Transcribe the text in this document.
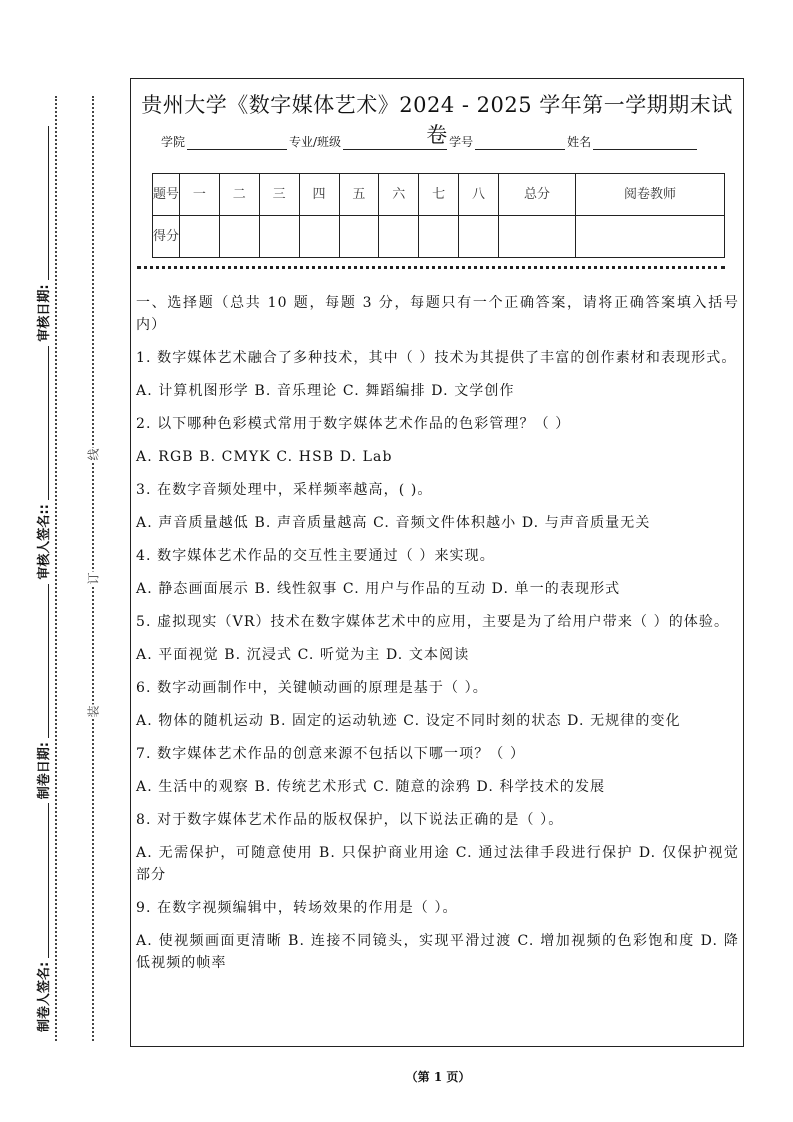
制卷人签名:
制卷日期:
审核人签名::
审核日期:
线
订
装
贵州大学《数字媒体艺术》2024 - 2025 学年第一学期期末试卷
学院	专业/班级	学号	姓名
题号	一	二	三	四	五	六	七	八	总分	阅卷教师
得分										

一、选择题（总共 10 题，每题 3 分，每题只有一个正确答案，请将正确答案填入括号内）

1. 数字媒体艺术融合了多种技术，其中（ ）技术为其提供了丰富的创作素材和表现形式。

A. 计算机图形学 B. 音乐理论 C. 舞蹈编排 D. 文学创作

2. 以下哪种色彩模式常用于数字媒体艺术作品的色彩管理？（ ）

A. RGB B. CMYK C. HSB D. Lab

3. 在数字音频处理中，采样频率越高，( )。

A. 声音质量越低 B. 声音质量越高 C. 音频文件体积越小 D. 与声音质量无关

4. 数字媒体艺术作品的交互性主要通过（ ）来实现。

A. 静态画面展示 B. 线性叙事 C. 用户与作品的互动 D. 单一的表现形式

5. 虚拟现实（VR）技术在数字媒体艺术中的应用，主要是为了给用户带来（ ）的体验。

A. 平面视觉 B. 沉浸式 C. 听觉为主 D. 文本阅读

6. 数字动画制作中，关键帧动画的原理是基于（ ）。

A. 物体的随机运动 B. 固定的运动轨迹 C. 设定不同时刻的状态 D. 无规律的变化

7. 数字媒体艺术作品的创意来源不包括以下哪一项？（ ）

A. 生活中的观察 B. 传统艺术形式 C. 随意的涂鸦 D. 科学技术的发展

8. 对于数字媒体艺术作品的版权保护，以下说法正确的是（ ）。

A. 无需保护，可随意使用 B. 只保护商业用途 C. 通过法律手段进行保护 D. 仅保护视觉部分

9. 在数字视频编辑中，转场效果的作用是（ ）。

A. 使视频画面更清晰 B. 连接不同镜头，实现平滑过渡 C. 增加视频的色彩饱和度 D. 降低视频的帧率

（第 1 页）
